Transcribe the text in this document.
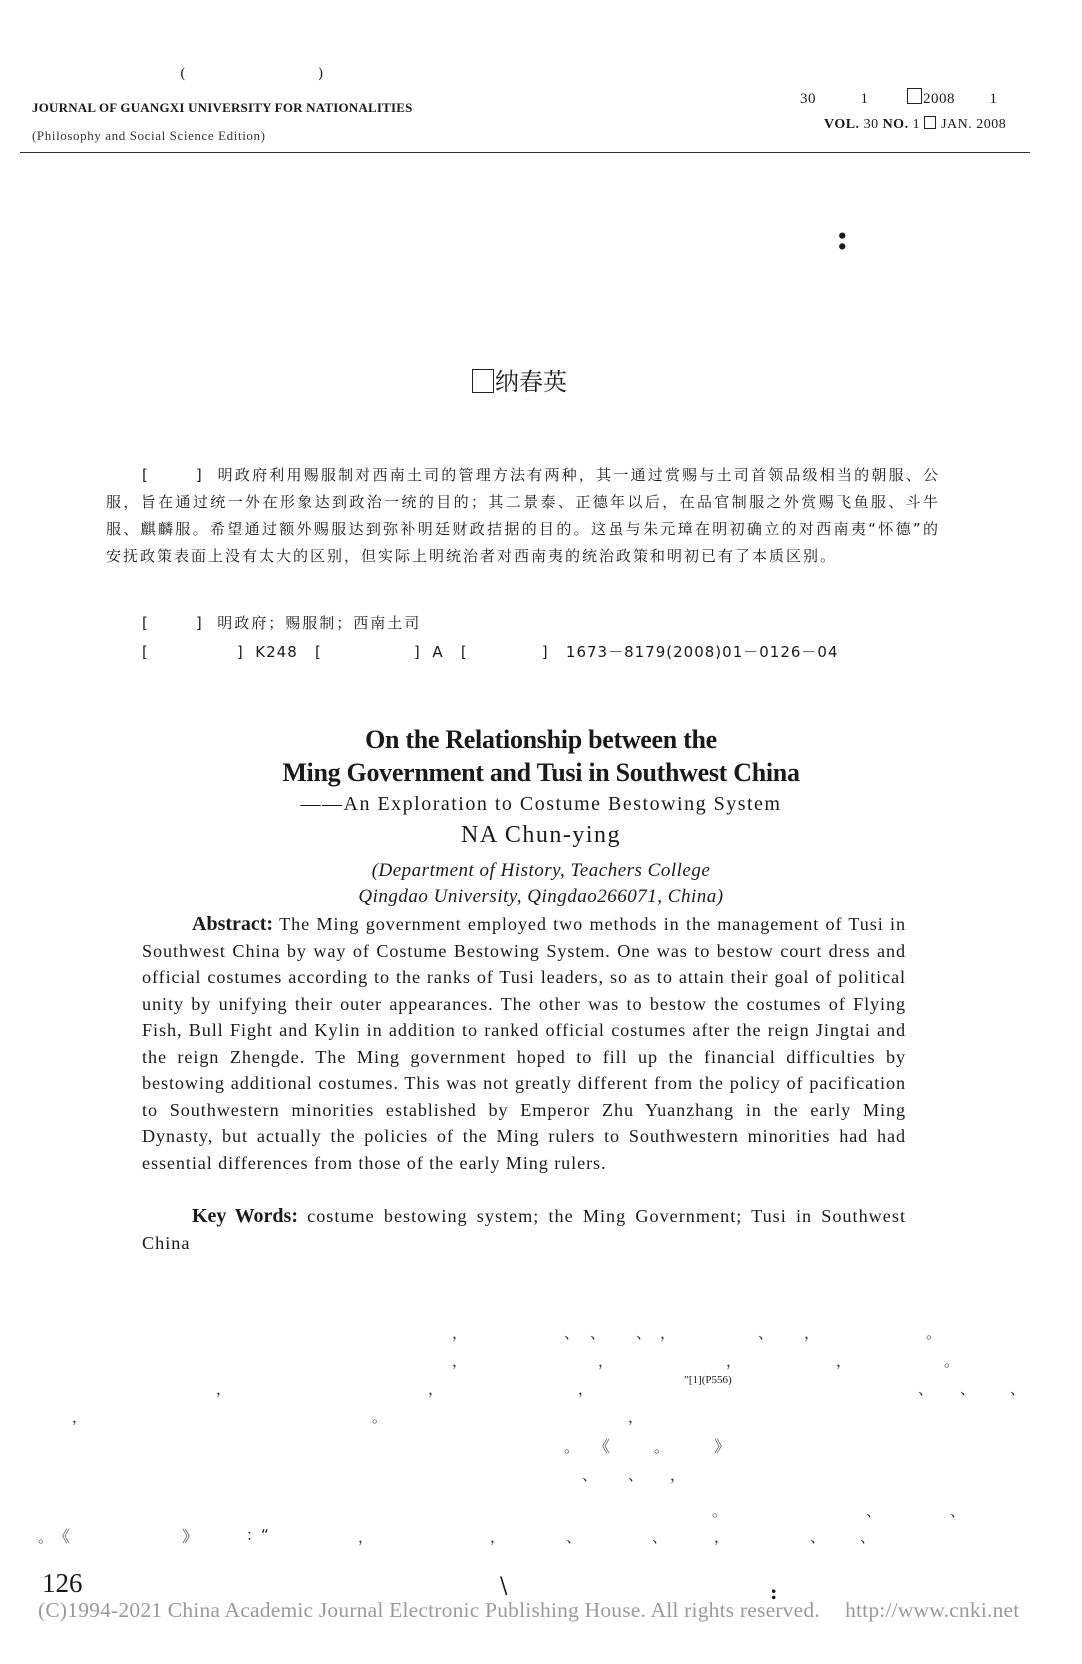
(	)
JOURNAL OF GUANGXI UNIVERSITY FOR NATIONALITIES
(Philosophy and Social Science Edition)
30	1	2008 1
VOL. 30 NO. 1 JAN. 2008
:
纳春英
[	] 明政府利用赐服制对西南土司的管理方法有两种，其一通过赏赐与土司首领品级相当的朝服、公服，旨在通过统一外在形象达到政治一统的目的；其二景泰、正德年以后，在品官制服之外赏赐飞鱼服、斗牛服、麒麟服。希望通过额外赐服达到弥补明廷财政拮据的目的。这虽与朱元璋在明初确立的对西南夷“怀德”的安抚政策表面上没有太大的区别，但实际上明统治者对西南夷的统治政策和明初已有了本质区别。
[	] 明政府；赐服制；西南土司
[	] K248 [	] A [	] 1673－8179(2008)01－0126－04
On the Relationship between the
Ming Government and Tusi in Southwest China
——An Exploration to Costume Bestowing System
NA Chun-ying
(Department of History, Teachers College
Qingdao University, Qingdao266071, China)
Abstract: The Ming government employed two methods in the management of Tusi in Southwest China by way of Costume Bestowing System. One was to bestow court dress and official costumes according to the ranks of Tusi leaders, so as to attain their goal of political unity by unifying their outer appearances. The other was to bestow the costumes of Flying Fish, Bull Fight and Kylin in addition to ranked official costumes after the reign Jingtai and the reign Zhengde. The Ming government hoped to fill up the financial difficulties by bestowing additional costumes. This was not greatly different from the policy of pacification to Southwestern minorities established by Emperor Zhu Yuanzhang in the early Ming Dynasty, but actually the policies of the Ming rulers to Southwestern minorities had had essential differences from those of the early Ming rulers.
Key Words: costume bestowing system; the Ming Government; Tusi in Southwest China
，	、 、 、 ，	、 ，	。
，	，	，	，	。
，	，	，	”[1](P556)	、 、 、
，	。	，
。 《	。	》
、 、 ，
。	、	、
。 《	》	：“	，	，	、	、	，	、 、
126	\	:
(C)1994-2021 China Academic Journal Electronic Publishing House. All rights reserved. http://www.cnki.net
